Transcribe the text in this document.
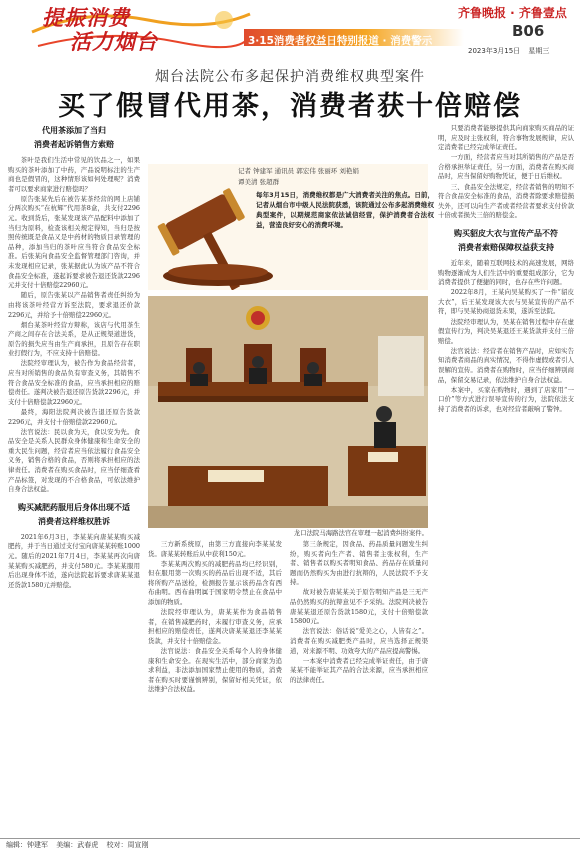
提振消费
活力烟台	3·15消费者权益日特别报道 · 消费警示
齐鲁晚报 · 齐鲁壹点
B06
2023年3月15日 星期三
烟台法院公布多起保护消费维权典型案件
买了假冒代用茶，消费者获十倍赔偿
代用茶添加了当归
消费者起诉销售方索赔

茶叶是我们生活中常见的饮品之一，如果购买的茶叶添加了中药，产品说明标注的生产商也是假冒的，这种情形该如何处理呢？消费者可以要求商家进行赔偿吗？

原告张某先后在被告某茶经营的网上店铺分两次购买“在杭辉”代用茶8盒，共支付2296元。收到货后，张某发现该产品配料中添加了当归为原料，检查该相关规定得知，当归是按照传统既是食品又是中药材的物质目录管理的品种，添加当归的茶叶应当符合食品安全标准。后张某向食品安全监督管理部门咨询，并未发现相应记录，张某据此认为该产品不符合食品安全标准，遂起诉要求被告退还货款2296元并支付十倍赔偿22960元。

随后，原告张某以产品销售者责任纠纷为由将该茶叶经营方诉至法院，要求退还价款2296元，并给予十倍赔偿22960元。

烟台某茶叶经营方辩称，该店与代用茶生产商之间存在合法关系，是从正规渠道进货，原告的损失应当由生产商承担，且原告存在职业打假行为，不应支持十倍赔偿。

法院经审理认为，被告作为食品经营者，应当对所销售的食品负有审查义务，其销售不符合食品安全标准的食品，应当承担相应的赔偿责任。遂判决被告退还原告货款2296元，并支付十倍赔偿款22960元。

最终，海阳法院判决被告退还原告货款2296元，并支付十倍赔偿款22960元。

法官说法：民以食为天，食以安为先。食品安全是关系人民群众身体健康和生命安全的重大民生问题，经营者应当依法履行食品安全义务，销售合格的食品，否则将承担相应的法律责任。消费者在购买食品时，应当仔细查看产品标签，对发现的不合格食品，可依法维护自身合法权益。

购买减肥药服用后身体出现不适
消费者这样维权胜诉

2021年6月3日，李某某向唐某某购买减肥药，并于当日通过支付宝向唐某某转账1000元。随后的2021年7月4日，李某某再次向唐某某购买减肥药，并支付580元。李某某服用后出现身体不适，遂向法院起诉要求唐某某退还货款1580元并赔偿。

记者 钟建军 通讯员 郭宏伟 张丽环 刘艳娟
谭美清 张超群
每年3月15日，消费维权都是广大消费者关注的焦点。日前，记者从烟台市中级人民法院获悉，该院通过公布多起消费维权典型案件，以期规范商家依法诚信经营，保护消费者合法权益，营造良好安心的消费环境。
龙口法院马海路法官在审理一起消费纠纷案件。

三方新系统原，由第三方直接向李某某发货。唐某某转账后从中获利150元。

李某某两次购买的减肥药品均已经识别，但在服用第一次购买的药品后出现不适，其后将所购产品送检，检测报告显示该药品含有西布曲明。西布曲明属于国家明令禁止在食品中添加的物质。

法院经审理认为，唐某某作为食品销售者，在销售减肥药时，未履行审查义务，应承担相应的赔偿责任，遂判决唐某某退还李某某货款，并支付十倍赔偿金。

法官说法：食品安全关系每个人的身体健康和生命安全。在现实生活中，部分商家为追求利益，非法添加国家禁止使用的物质，消费者在购买时要谨慎辨别，保留好相关凭证，依法维护合法权益。

第三条规定，因食品、药品质量问题发生纠纷，购买者向生产者、销售者主张权利，生产者、销售者以购买者明知食品、药品存在质量问题而仍然购买为由进行抗辩的，人民法院不予支持。

故对被告唐某某关于原告明知产品是三无产品仍然购买的抗辩意见不予采纳。法院判决被告唐某某退还原告货款1580元，支付十倍赔偿款15800元。

法官说法：俗话说“爱美之心，人皆有之”。消费者在购买减肥类产品时，应当选择正规渠道，对来源不明、功效夸大的产品应提高警惕。

一本案中消费者已经完成举证责任，由于唐某某不能举证其产品的合法来源，应当承担相应的法律责任。

只要消费者能够提供其向商家购买商品的证明，应及时主张权利，符合事物发展规律，应认定消费者已经完成举证责任。

一方面，经营者应当对其所销售的产品是否合格承担举证责任，另一方面，消费者在购买商品时，应当保留好购物凭证，便于日后维权。

三、食品安全法规定，经营者销售的明知不符合食品安全标准的食品，消费者除要求赔偿损失外，还可以向生产者或者经营者要求支付价款十倍或者损失三倍的赔偿金。

购买貂皮大衣与宣传产品不符
消费者索赔保障权益获支持

近年来，随着互联网技术的高速发展，网络购物逐渐成为人们生活中的重要组成部分，它为消费者提供了便捷的同时，也存在些许问题。

2022年8月，王某向吴某购买了一件“貂皮大衣”，后王某发现该大衣与吴某宣传的产品不符，即与吴某协商退货未果，遂诉至法院。

法院经审理认为，吴某在销售过程中存在虚假宣传行为，判决吴某退还王某货款并支付三倍赔偿。

法官说法：经营者在销售产品时，应如实告知消费者商品的真实情况，不得作虚假或者引人误解的宣传。消费者在购物时，应当仔细辨别商品，保留交易记录，依法维护自身合法权益。

本案中，买家在购物时，遇到了店家用“一口价”等方式进行误导宣传的行为，法院依法支持了消费者的诉求，也对经营者敲响了警钟。

编辑：钟建军 美编：武春虎 校对：周宣刚
